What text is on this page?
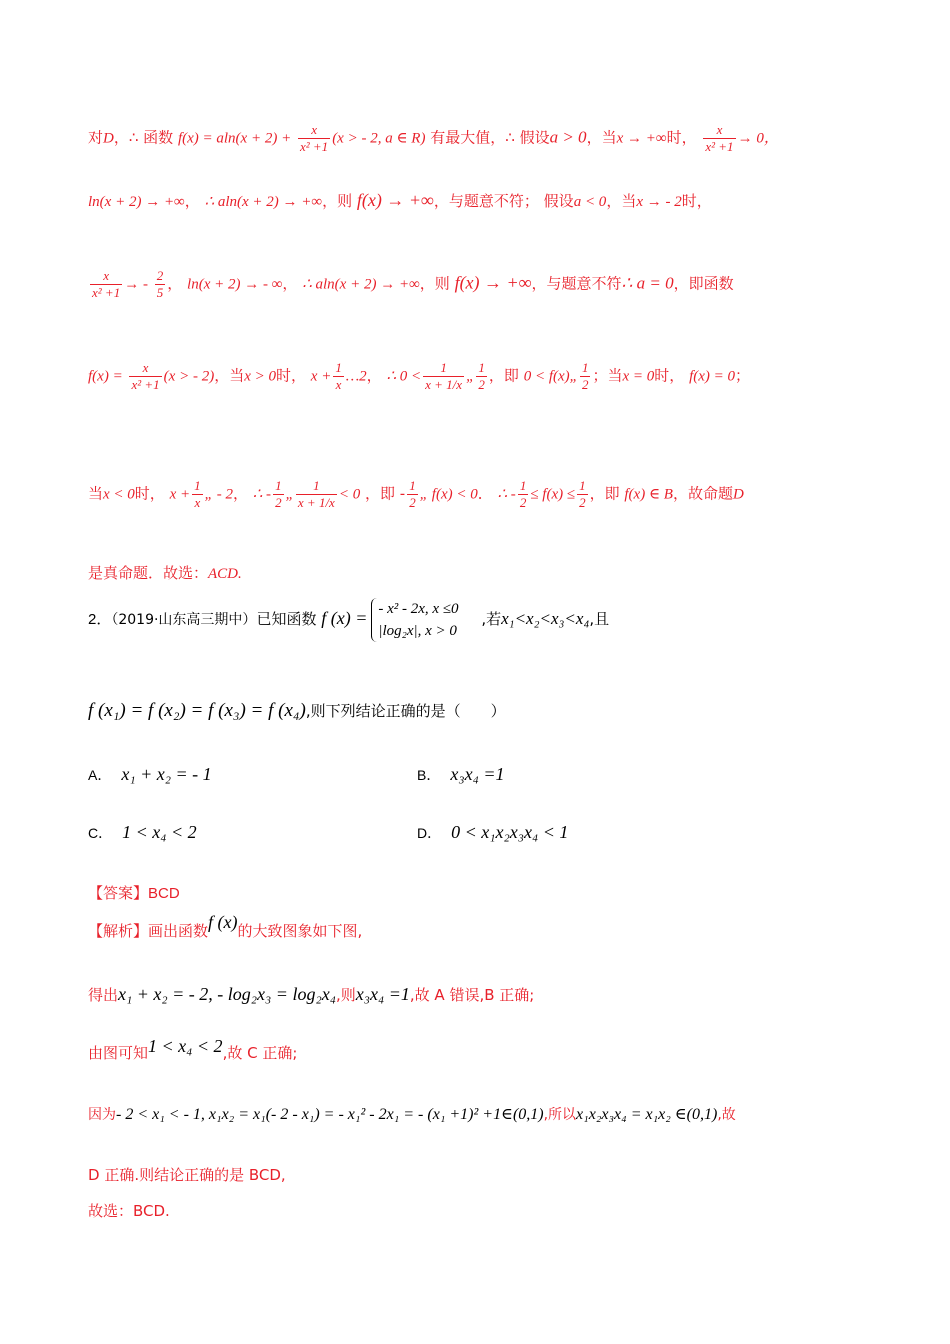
对D，∴ 函数 $f(x) = aln(x + 2) + \frac{x}{\text{x² +1}} (x$ > - 2, a ∈ R) 有最大值，∴ 假设a > 0，当x → +∞时， $\frac{x}{\text{x² +1}} \to 0$，
ln(x + 2) → +∞， ∴ aln(x + 2) → +∞，则 f(x) → +∞，与题意不符； 假设a < 0，当x → - 2时，
$\frac{x}{\text{x² +1}}$ → - $\frac{2}{5}$ ， ln(x + 2) → - ∞， ∴ aln(x + 2) → +∞，则 f(x) → +∞，与题意不符∴ a = 0，即函数
$f(x) = \frac{x}{\text{x² +1}} (x$ > - 2)，当x > 0时， $x + \frac{1}{x}$ …2， ∴ $0 < \frac{1}{x + 1/x}$ „ $\frac{1}{2}$ ，即 0 < f(x)„ $\frac{1}{2}$ ；当x = 0时， f(x) = 0；
当x < 0时， $x + \frac{1}{x}$ „ - 2， ∴ - $\frac{1}{2}$ „ $\frac{1}{x + 1/x} < 0$ ，即 - $\frac{1}{2}$ „ f(x) < 0． ∴ - $\frac{1}{2} \le f(x) \le \frac{1}{2}$ ，即 f(x) ∈ B，故命题D
是真命题．故选：ACD.
2．（2019·山东高三期中）已知函数 f (x) = - x² - 2x, x ≤0
|log₂x|, x > 0
,若x₁<x₂<x₃<x₄,且
f (x₁) = f (x₂) = f (x₃) = f (x₄),则下列结论正确的是（　　）
A． x₁ + x₂ = - 1	B． x₃x₄ =1
C． 1 < x₄ < 2	D． 0 < x₁x₂x₃x₄ < 1
【答案】BCD
【解析】画出函数f (x)的大致图象如下图,
得出x₁ + x₂ = - 2, - log₂x₃ = log₂x₄,则x₃x₄ =1,故 A 错误,B 正确;
由图可知1 < x₄ < 2,故 C 正确;
因为- 2 < x₁ < - 1, x₁x₂ = x₁(- 2 - x₁) = - x₁² - 2x₁ = - (x₁ +1)² +1∈(0,1),所以x₁x₂x₃x₄ = x₁x₂ ∈(0,1),故
D 正确.则结论正确的是 BCD,
故选：BCD.
